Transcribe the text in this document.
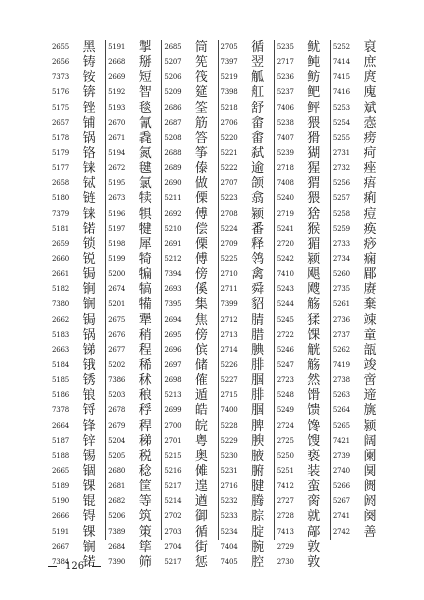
2655
2656
7373
5176
5175
2657
5178
5179
5177
2658
5180
7379
5181
2659
2660
2661
5182
7380
2662
5183
2663
5184
5185
5186
7378
2664
5187
5188
2665
5189
5190
2666
5191
2667
7384
黑
铸
铵
锛
锉
铺
锅
铬
铼
铽
链
铼
锘
锁
锐
锔
锏
锎
锔
锅
锑
锇
锈
锒
锊
锋
锌
锡
锢
锞
锟
锝
锞
锎
锘
5191
2668
2669
5192
5193
2670
2671
5194
2672
5195
2673
5196
5197
5198
5199
5200
2674
5201
2675
2676
2677
5202
7386
5203
2678
2679
5204
5205
2680
2681
2682
5206
7389
2684
7390
掣
掰
短
智
毯
氰
毳
氮
毽
氯
犊
犋
犍
犀
犄
犏
犒
犕
犟
稍
程
稀
秫
稂
稃
稈
稊
税
稔
筐
等
筑
策
筚
筛
2685
5207
5206
5209
2686
2687
5208
2688
2689
2690
5211
2692
5210
2691
5212
7394
2693
7395
2694
2695
2696
2697
2698
5213
2699
2700
2701
5215
5216
5217
5214
2702
2703
2704
5217
筒
筅
筏
筵
筌
筋
答
筝
傣
做
傈
傅
偿
傈
傅
傍
傒
集
焦
傍
傧
储
傕
遁
皓
皖
粤
奥
傩
遑
遒
御
循
街
惩
2705
7397
5219
7398
5218
2706
5220
5221
5222
2707
5223
2708
5224
2709
5225
2710
2711
7399
2712
2713
2714
5226
5227
2715
7400
5228
5229
5230
5231
2716
5232
5233
5234
7404
7405
循
翌
觚
舡
舒
畲
畬
弑
逾
颌
翕
颍
番
释
鸰
禽
舜
貂
腈
腊
腆
腓
腘
腓
腘
脾
腴
腋
腑
腱
腾
腙
腚
腕
腔
5235
2717
5236
5237
7406
5238
7407
5239
2718
7408
5240
2719
5241
2720
5242
7410
5243
5244
5245
2722
5246
5247
2723
5248
5249
2724
2725
5250
5251
7412
2727
2728
7413
2729
2730
鱿
鲀
鲂
鲃
鲆
猥
猾
猢
猩
猬
猥
猞
猴
猸
颍
飓
飕
觞
猱
馃
觥
觞
然
馉
馈
馋
馊
亵
装
蛮
脔
就
鄗
敦
敦
5252
7414
7415
7416
5253
5254
5255
2731
2732
5256
5257
5258
5259
2733
2734
5260
2735
5261
2736
2737
5262
7419
2738
5263
5264
5265
7421
2739
2740
5266
5267
2741
2742
裒
庶
庹
廆
斌
悫
痨
疴
痤
痦
痢
痘
痪
痧
痫
郿
赓
棄
竦
童
瓿
竣
啻
遆
旐
颍
阔
阑
阒
阓
阏
阕
善
126
